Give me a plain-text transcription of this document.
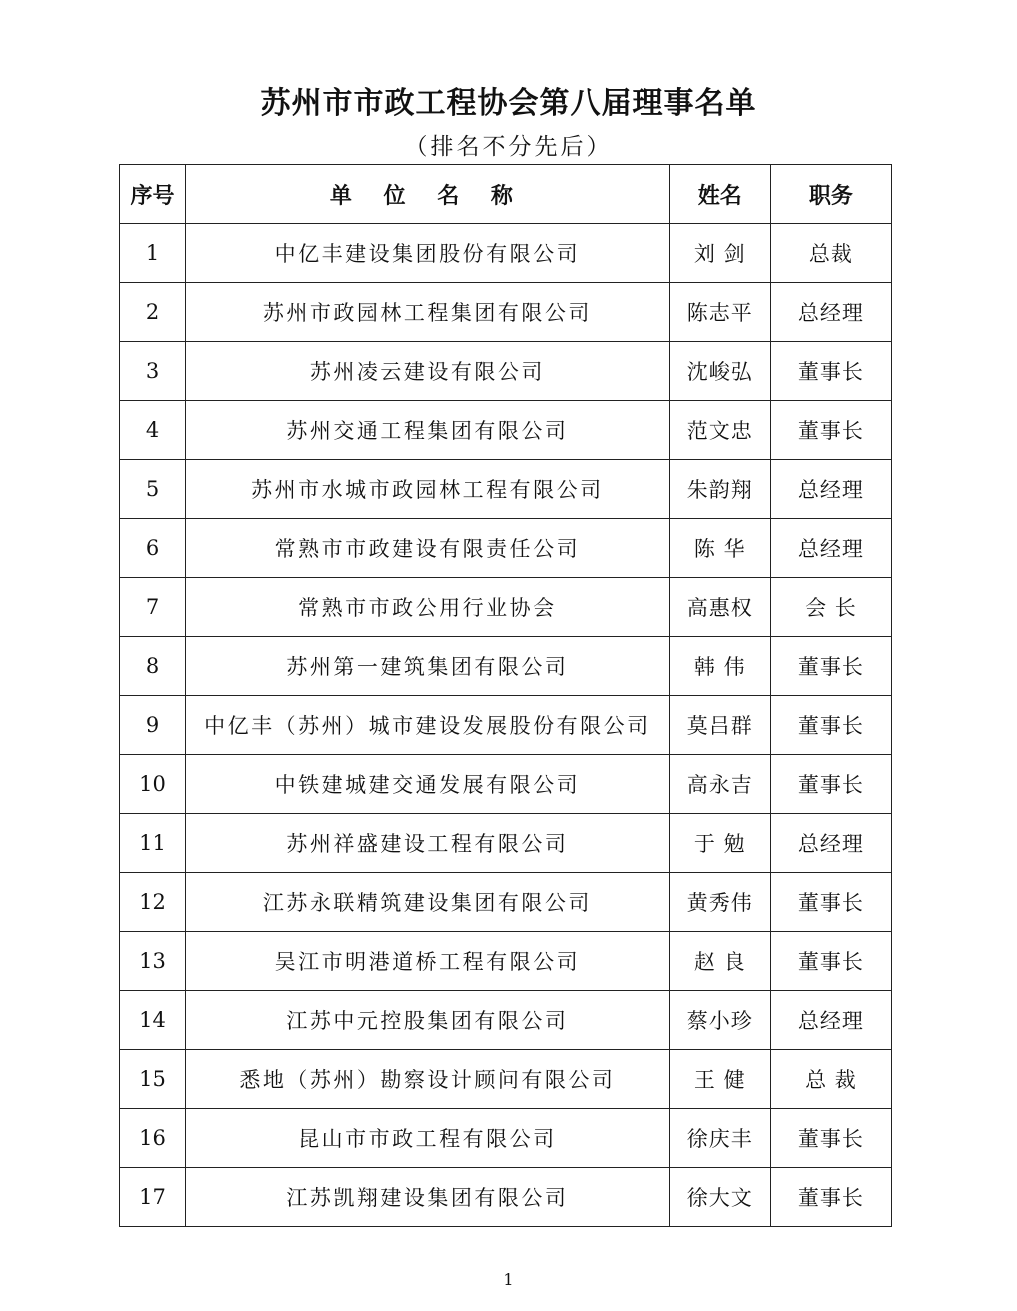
苏州市市政工程协会第八届理事名单
（排名不分先后）
序号	单 位 名 称	姓名	职务
1	中亿丰建设集团股份有限公司	刘 剑	总裁
2	苏州市政园林工程集团有限公司	陈志平	总经理
3	苏州凌云建设有限公司	沈峻弘	董事长
4	苏州交通工程集团有限公司	范文忠	董事长
5	苏州市水城市政园林工程有限公司	朱韵翔	总经理
6	常熟市市政建设有限责任公司	陈 华	总经理
7	常熟市市政公用行业协会	高惠权	会 长
8	苏州第一建筑集团有限公司	韩 伟	董事长
9	中亿丰（苏州）城市建设发展股份有限公司	莫吕群	董事长
10	中铁建城建交通发展有限公司	高永吉	董事长
11	苏州祥盛建设工程有限公司	于 勉	总经理
12	江苏永联精筑建设集团有限公司	黄秀伟	董事长
13	吴江市明港道桥工程有限公司	赵 良	董事长
14	江苏中元控股集团有限公司	蔡小珍	总经理
15	悉地（苏州）勘察设计顾问有限公司	王 健	总 裁
16	昆山市市政工程有限公司	徐庆丰	董事长
17	江苏凯翔建设集团有限公司	徐大文	董事长
1
